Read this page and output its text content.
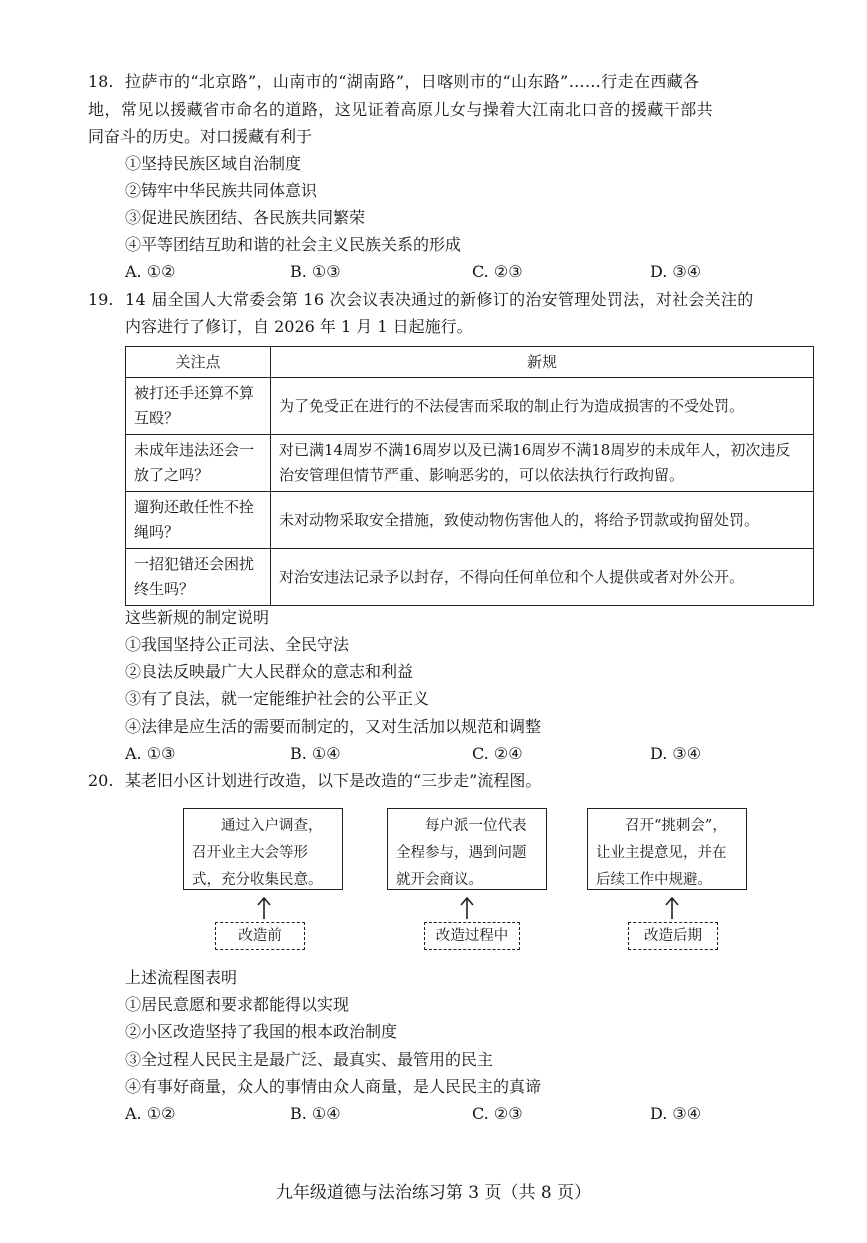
18. 拉萨市的“北京路”，山南市的“湖南路”，日喀则市的“山东路”……行走在西藏各
地，常见以援藏省市命名的道路，这见证着高原儿女与操着大江南北口音的援藏干部共
同奋斗的历史。对口援藏有利于
①坚持民族区域自治制度
②铸牢中华民族共同体意识
③促进民族团结、各民族共同繁荣
④平等团结互助和谐的社会主义民族关系的形成
A. ①②	B. ①③	C. ②③	D. ③④
19. 14 届全国人大常委会第 16 次会议表决通过的新修订的治安管理处罚法，对社会关注的
内容进行了修订，自 2026 年 1 月 1 日起施行。
关注点	新规
被打还手还算不算互殴？	为了免受正在进行的不法侵害而采取的制止行为造成损害的不受处罚。
未成年违法还会一放了之吗？	对已满14周岁不满16周岁以及已满16周岁不满18周岁的未成年人，初次违反治安管理但情节严重、影响恶劣的，可以依法执行行政拘留。
遛狗还敢任性不拴绳吗？	未对动物采取安全措施，致使动物伤害他人的，将给予罚款或拘留处罚。
一招犯错还会困扰终生吗？	对治安违法记录予以封存，不得向任何单位和个人提供或者对外公开。
这些新规的制定说明
①我国坚持公正司法、全民守法
②良法反映最广大人民群众的意志和利益
③有了良法，就一定能维护社会的公平正义
④法律是应生活的需要而制定的，又对生活加以规范和调整
A. ①③	B. ①④	C. ②④	D. ③④
20. 某老旧小区计划进行改造，以下是改造的“三步走”流程图。
通过入户调查，召开业主大会等形式，充分收集民意。
每户派一位代表全程参与，遇到问题就开会商议。
召开“挑刺会”，让业主提意见，并在后续工作中规避。
改造前	改造过程中	改造后期
上述流程图表明
①居民意愿和要求都能得以实现
②小区改造坚持了我国的根本政治制度
③全过程人民民主是最广泛、最真实、最管用的民主
④有事好商量，众人的事情由众人商量，是人民民主的真谛
A. ①②	B. ①④	C. ②③	D. ③④
九年级道德与法治练习第 3 页（共 8 页）
